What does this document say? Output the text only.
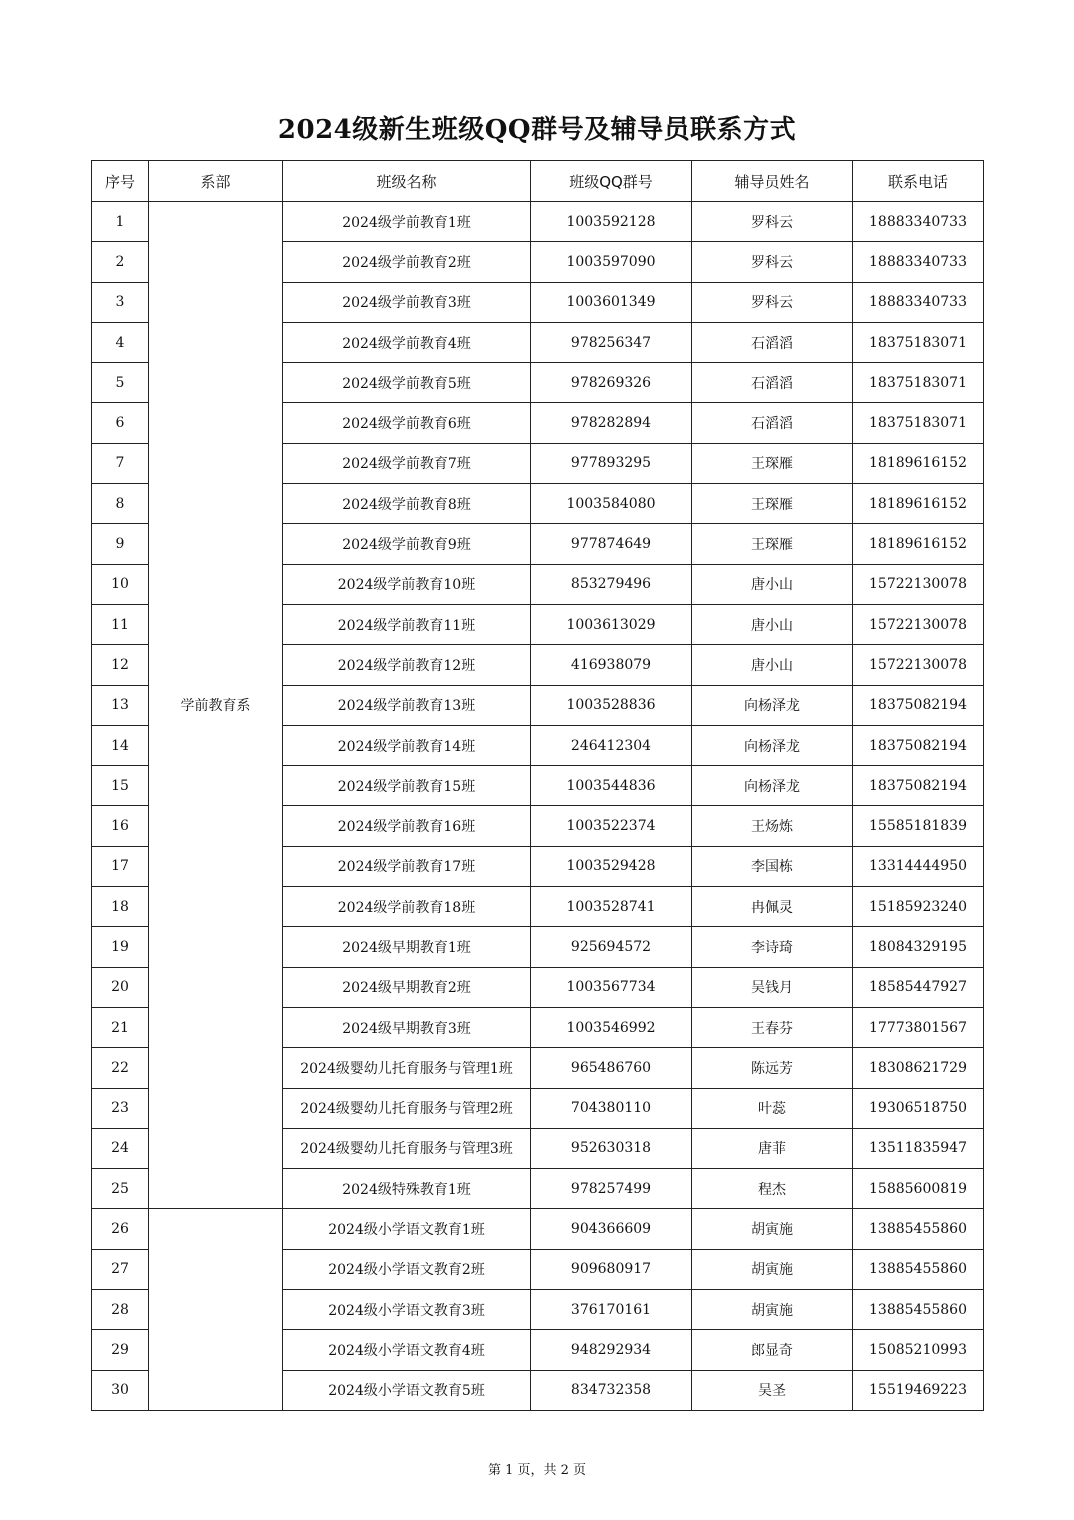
2024级新生班级QQ群号及辅导员联系方式
序号	系部	班级名称	班级QQ群号	辅导员姓名	联系电话
1	学前教育系	2024级学前教育1班	1003592128	罗科云	18883340733
2		2024级学前教育2班	1003597090	罗科云	18883340733
3		2024级学前教育3班	1003601349	罗科云	18883340733
4		2024级学前教育4班	978256347	石滔滔	18375183071
5		2024级学前教育5班	978269326	石滔滔	18375183071
6		2024级学前教育6班	978282894	石滔滔	18375183071
7		2024级学前教育7班	977893295	王琛雁	18189616152
8		2024级学前教育8班	1003584080	王琛雁	18189616152
9		2024级学前教育9班	977874649	王琛雁	18189616152
10		2024级学前教育10班	853279496	唐小山	15722130078
11		2024级学前教育11班	1003613029	唐小山	15722130078
12		2024级学前教育12班	416938079	唐小山	15722130078
13		2024级学前教育13班	1003528836	向杨泽龙	18375082194
14		2024级学前教育14班	246412304	向杨泽龙	18375082194
15		2024级学前教育15班	1003544836	向杨泽龙	18375082194
16		2024级学前教育16班	1003522374	王炀炼	15585181839
17		2024级学前教育17班	1003529428	李国栋	13314444950
18		2024级学前教育18班	1003528741	冉佩灵	15185923240
19		2024级早期教育1班	925694572	李诗琦	18084329195
20		2024级早期教育2班	1003567734	吴钱月	18585447927
21		2024级早期教育3班	1003546992	王春芬	17773801567
22		2024级婴幼儿托育服务与管理1班	965486760	陈远芳	18308621729
23		2024级婴幼儿托育服务与管理2班	704380110	叶蕊	19306518750
24		2024级婴幼儿托育服务与管理3班	952630318	唐菲	13511835947
25		2024级特殊教育1班	978257499	程杰	15885600819
26		2024级小学语文教育1班	904366609	胡寅施	13885455860
27		2024级小学语文教育2班	909680917	胡寅施	13885455860
28		2024级小学语文教育3班	376170161	胡寅施	13885455860
29		2024级小学语文教育4班	948292934	郎显奇	15085210993
30		2024级小学语文教育5班	834732358	吴圣	15519469223
第 1 页，共 2 页
